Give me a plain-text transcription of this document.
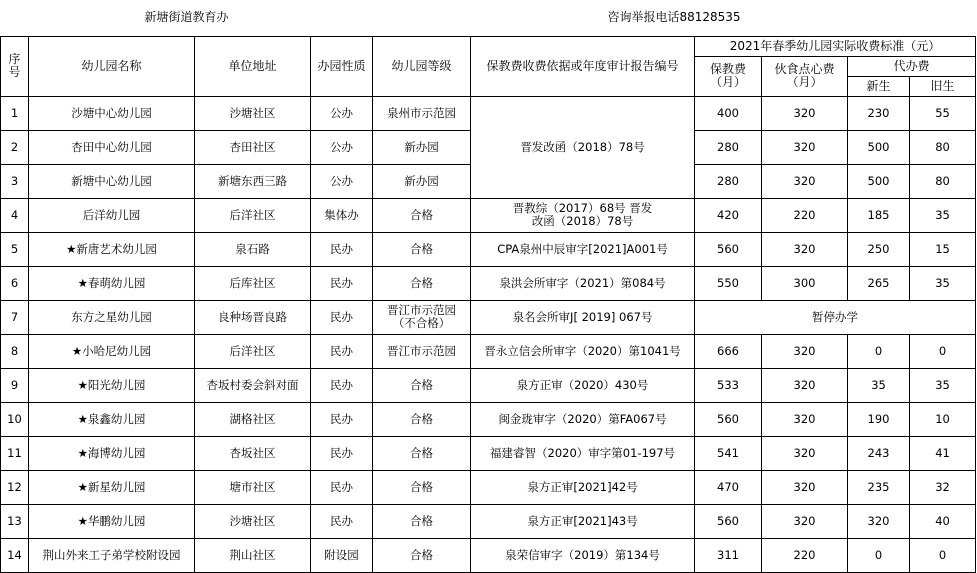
新塘街道教育办				咨询举报电话88128535					
序号	幼儿园名称	单位地址	办园性质	幼儿园等级	保教费收费依据或年度审计报告编号	2021年春季幼儿园实际收费标准（元）			
						保教费（月）	伙食点心费（月）	代办费	
								新生	旧生
1	沙塘中心幼儿园	沙塘社区	公办	泉州市示范园	晋发改函（2018）78号	400	320	230	55
2	杏田中心幼儿园	杏田社区	公办	新办园		280	320	500	80
3	新塘中心幼儿园	新塘东西三路	公办	新办园		280	320	500	80
4	后洋幼儿园	后洋社区	集体办	合格	晋教综（2017）68号 晋发改函（2018）78号	420	220	185	35
5	★新唐艺术幼儿园	泉石路	民办	合格	CPA泉州中辰审字[2021]A001号	560	320	250	15
6	★春萌幼儿园	后库社区	民办	合格	泉洪会所审字（2021）第084号	550	300	265	35
7	东方之星幼儿园	良种场晋良路	民办	晋江市示范园（不合格）	泉名会所审J[ 2019] 067号	暂停办学			
8	★小哈尼幼儿园	后洋社区	民办	晋江市示范园	晋永立信会所审字（2020）第1041号	666	320	0	0
9	★阳光幼儿园	杏坂村委会斜对面	民办	合格	泉方正审（2020）430号	533	320	35	35
10	★泉鑫幼儿园	湖格社区	民办	合格	闽金珑审字（2020）第FA067号	560	320	190	10
11	★海博幼儿园	杏坂社区	民办	合格	福建睿智（2020）审字第01-197号	541	320	243	41
12	★新星幼儿园	塘市社区	民办	合格	泉方正审[2021]42号	470	320	235	32
13	★华鹏幼儿园	沙塘社区	民办	合格	泉方正审[2021]43号	560	320	320	40
14	荆山外来工子弟学校附设园	荆山社区	附设园	合格	泉荣信审字（2019）第134号	311	220	0	0
